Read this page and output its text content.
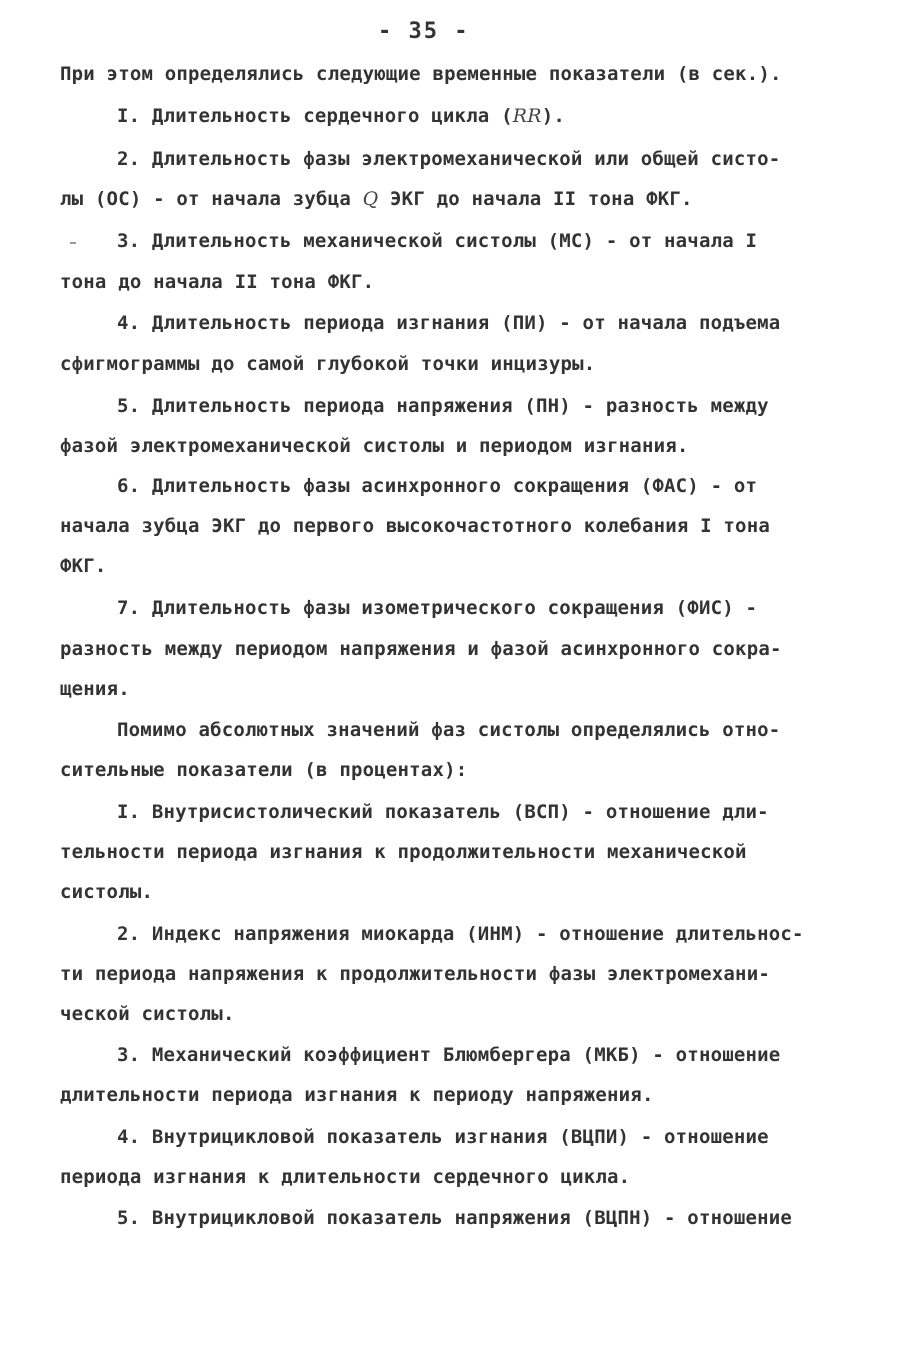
- 35 -
При этом определялись следующие временные показатели (в сек.).
I. Длительность сердечного цикла (RR).
2. Длительность фазы электромеханической или общей систо-
лы (ОС) - от начала зубца Q ЭКГ до начала II тона ФКГ.
3. Длительность механической систолы (МС) - от начала I
тона до начала II тона ФКГ.
4. Длительность периода изгнания (ПИ) - от начала подъема
сфигмограммы до самой глубокой точки инцизуры.
5. Длительность периода напряжения (ПН) - разность между
фазой электромеханической систолы и периодом изгнания.
6. Длительность фазы асинхронного сокращения (ФАС) - от
начала зубца ЭКГ до первого высокочастотного колебания I тона
ФКГ.
7. Длительность фазы изометрического сокращения (ФИС) -
разность между периодом напряжения и фазой асинхронного сокра-
щения.
Помимо абсолютных значений фаз систолы определялись отно-
сительные показатели (в процентах):
I. Внутрисистолический показатель (ВСП) - отношение дли-
тельности периода изгнания к продолжительности механической
систолы.
2. Индекс напряжения миокарда (ИНМ) - отношение длительнос-
ти периода напряжения к продолжительности фазы электромехани-
ческой систолы.
3. Механический коэффициент Блюмбергера (МКБ) - отношение
длительности периода изгнания к периоду напряжения.
4. Внутрицикловой показатель изгнания (ВЦПИ) - отношение
периода изгнания к длительности сердечного цикла.
5. Внутрицикловой показатель напряжения (ВЦПН) - отношение
